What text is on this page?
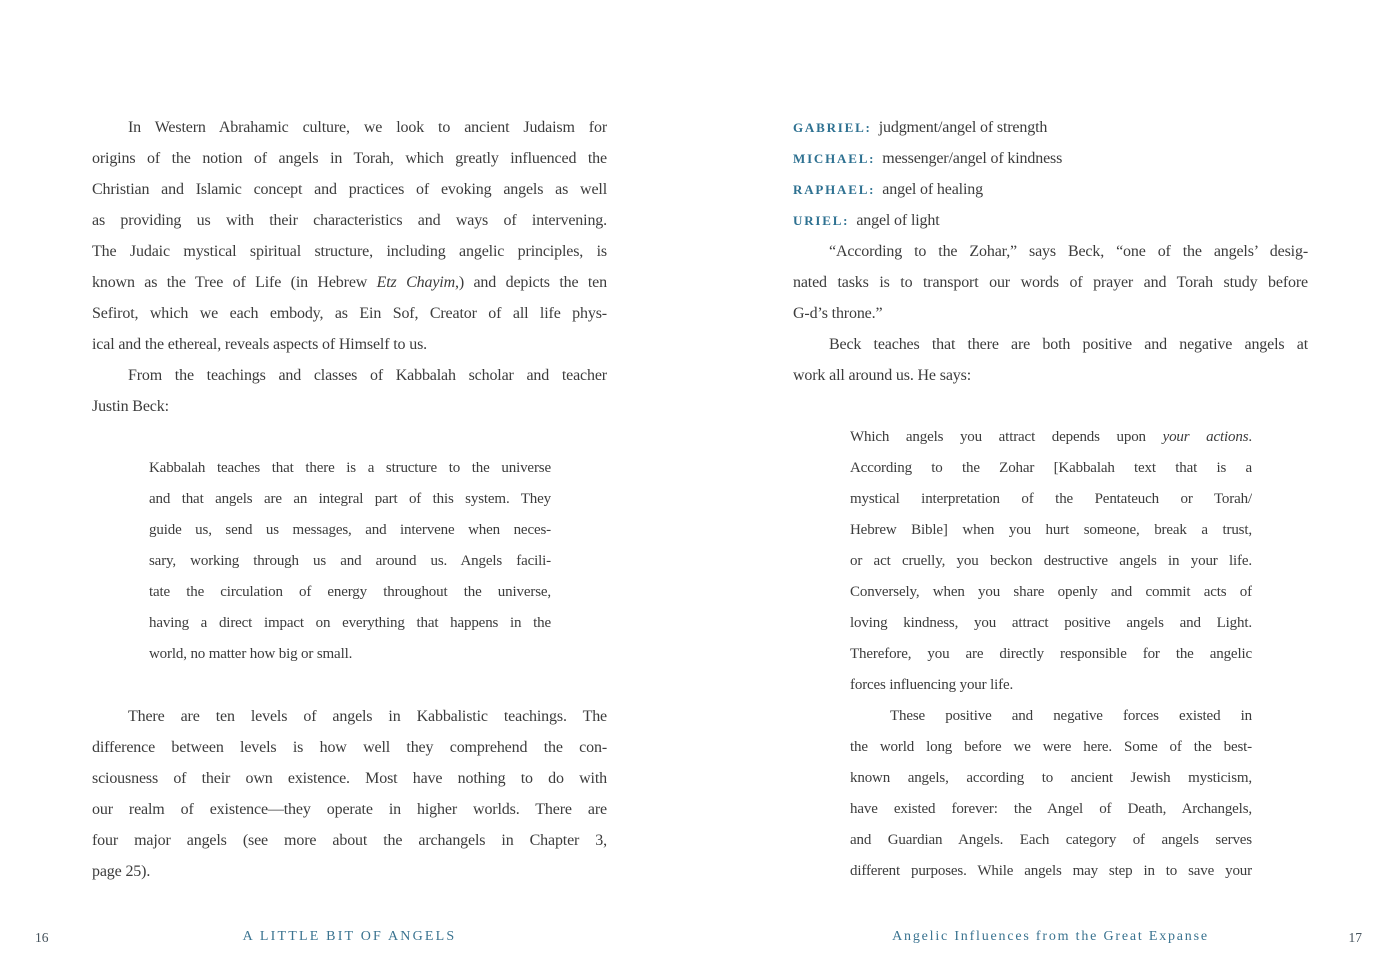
In Western Abrahamic culture, we look to ancient Judaism for
origins of the notion of angels in Torah, which greatly influenced the
Christian and Islamic concept and practices of evoking angels as well
as providing us with their characteristics and ways of intervening.
The Judaic mystical spiritual structure, including angelic principles, is
known as the Tree of Life (in Hebrew Etz Chayim,) and depicts the ten
Sefirot, which we each embody, as Ein Sof, Creator of all life phys-
ical and the ethereal, reveals aspects of Himself to us.
From the teachings and classes of Kabbalah scholar and teacher
Justin Beck:
Kabbalah teaches that there is a structure to the universe
and that angels are an integral part of this system. They
guide us, send us messages, and intervene when neces-
sary, working through us and around us. Angels facili-
tate the circulation of energy throughout the universe,
having a direct impact on everything that happens in the
world, no matter how big or small.
There are ten levels of angels in Kabbalistic teachings. The
difference between levels is how well they comprehend the con-
sciousness of their own existence. Most have nothing to do with
our realm of existence—they operate in higher worlds. There are
four major angels (see more about the archangels in Chapter 3,
page 25).
A LITTLE BIT OF ANGELS
16
GABRIEL: judgment/angel of strength
MICHAEL: messenger/angel of kindness
RAPHAEL: angel of healing
URIEL: angel of light
“According to the Zohar,” says Beck, “one of the angels’ desig-
nated tasks is to transport our words of prayer and Torah study before
G-d’s throne.”
Beck teaches that there are both positive and negative angels at
work all around us. He says:
Which angels you attract depends upon your actions.
According to the Zohar [Kabbalah text that is a
mystical interpretation of the Pentateuch or Torah/
Hebrew Bible] when you hurt someone, break a trust,
or act cruelly, you beckon destructive angels in your life.
Conversely, when you share openly and commit acts of
loving kindness, you attract positive angels and Light.
Therefore, you are directly responsible for the angelic
forces influencing your life.
These positive and negative forces existed in
the world long before we were here. Some of the best-
known angels, according to ancient Jewish mysticism,
have existed forever: the Angel of Death, Archangels,
and Guardian Angels. Each category of angels serves
different purposes. While angels may step in to save your
Angelic Influences from the Great Expanse	17
